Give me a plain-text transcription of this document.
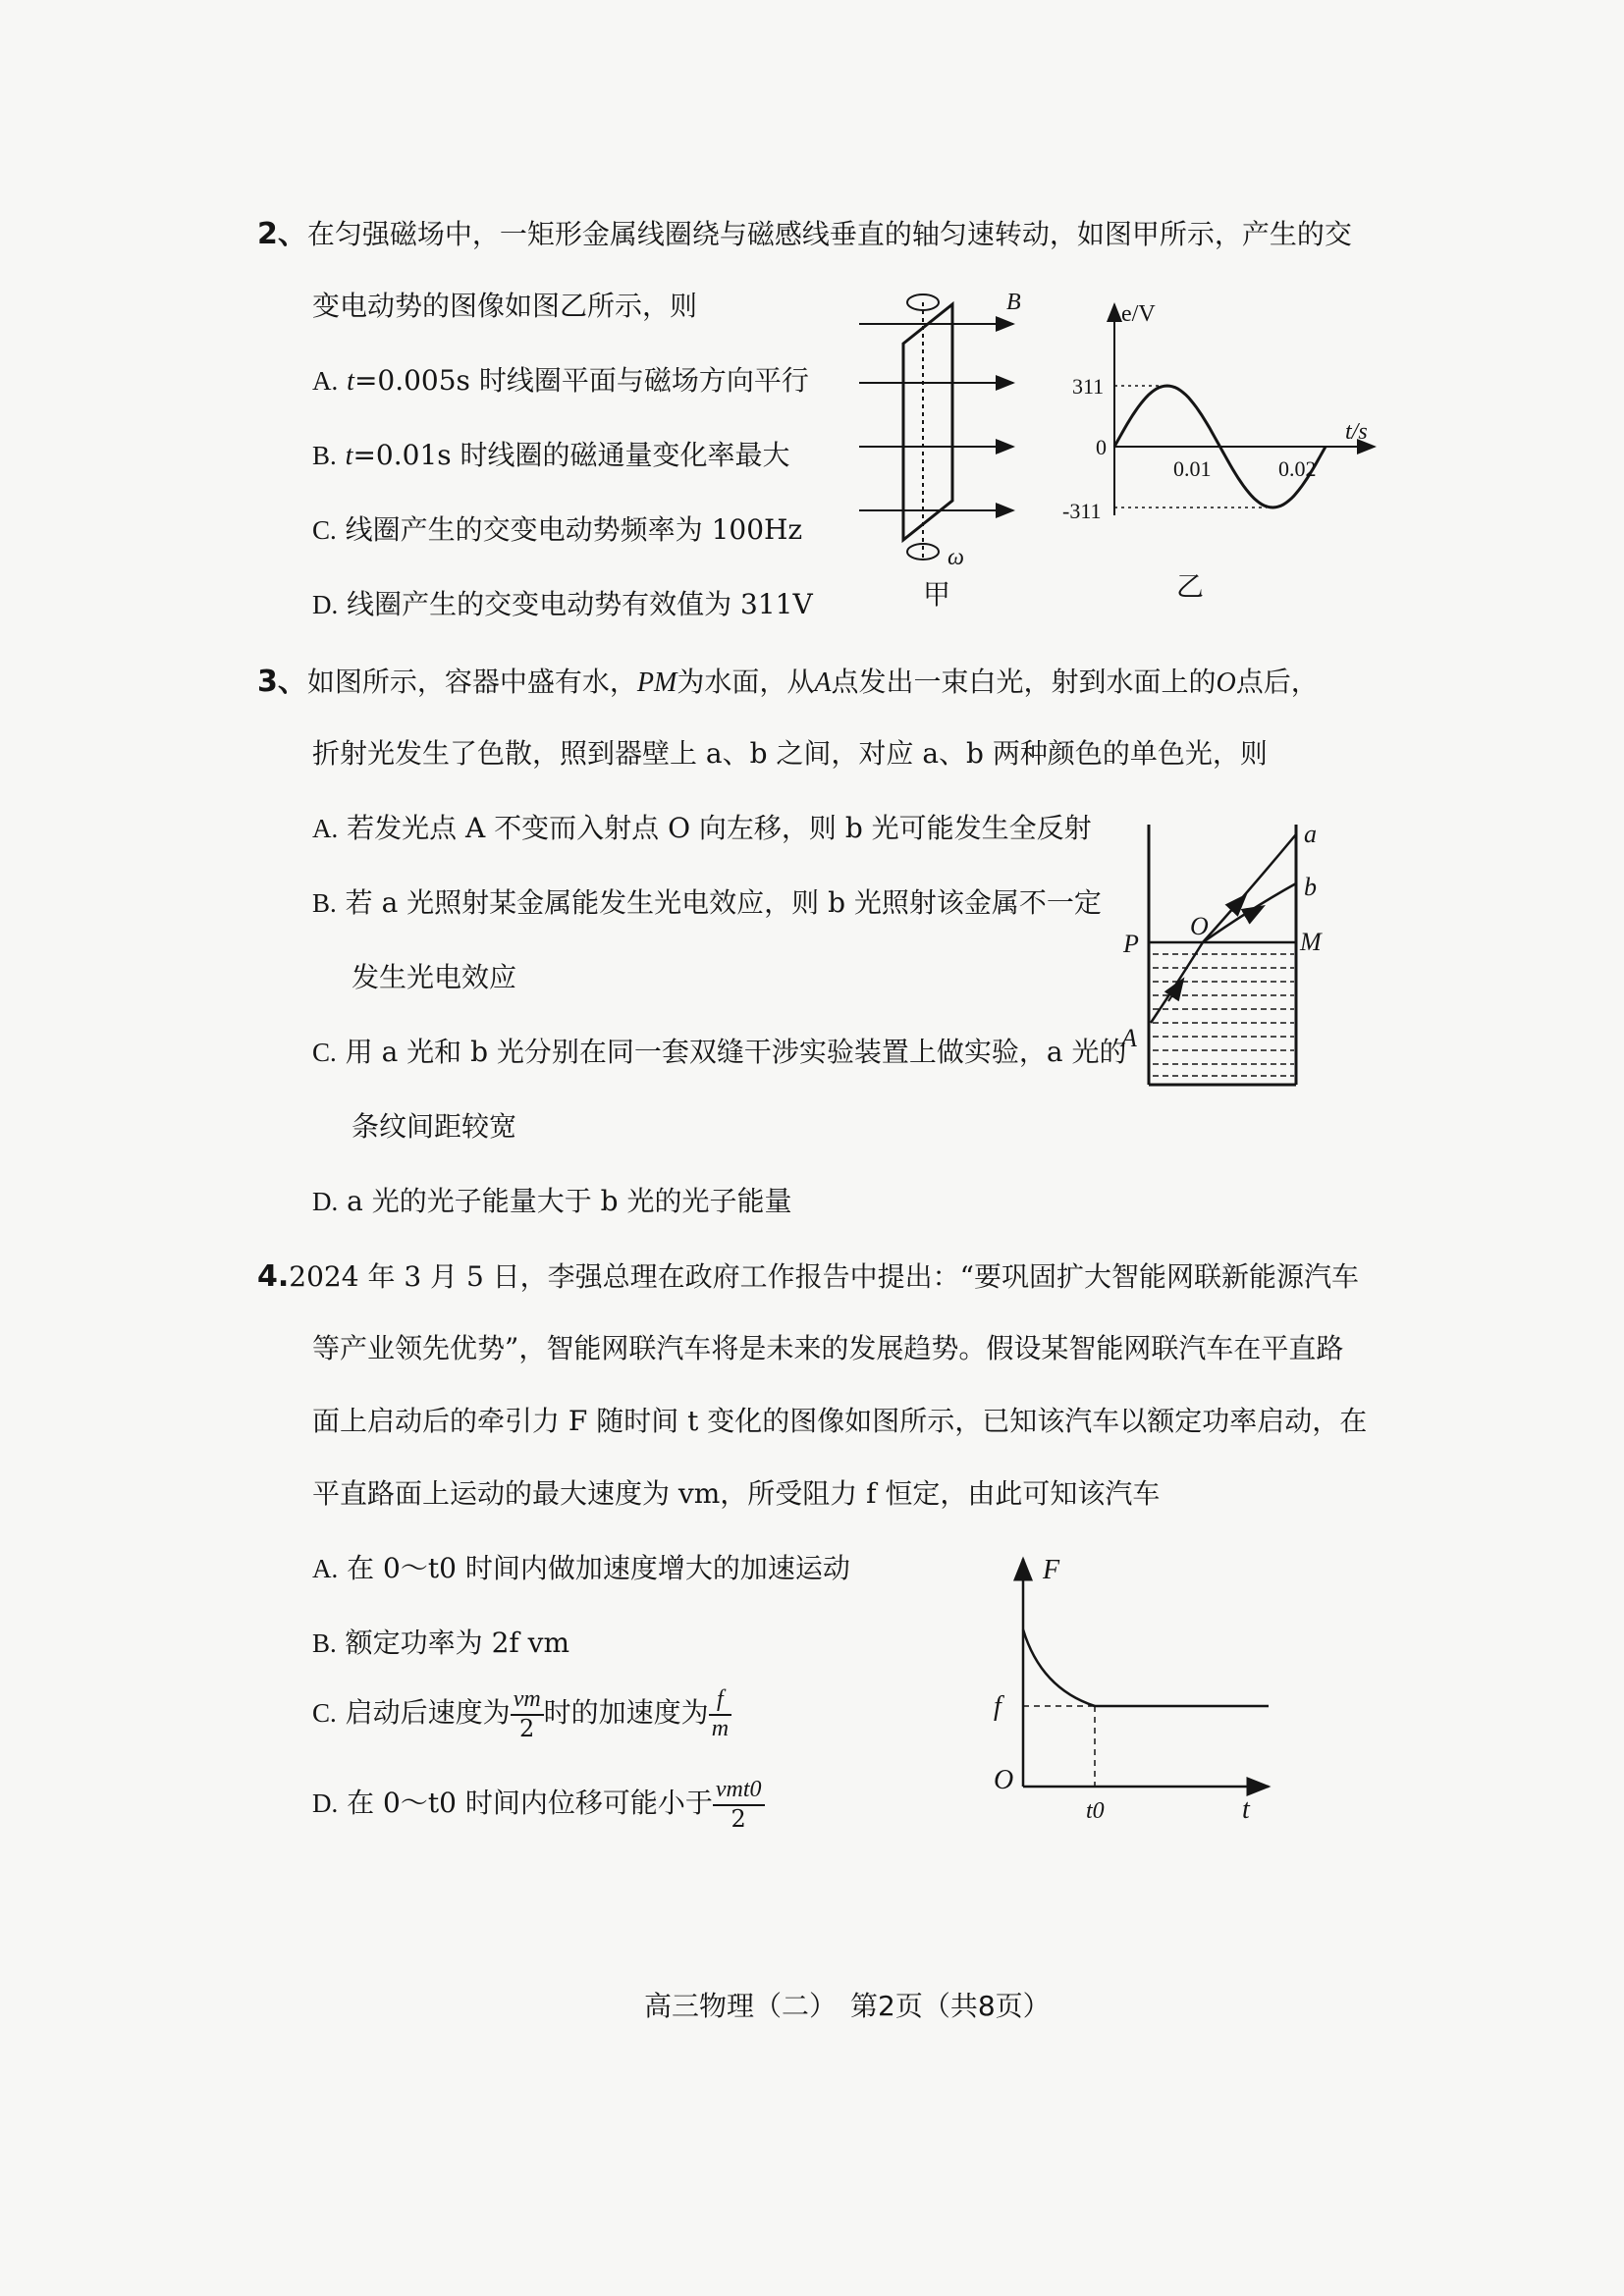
2、在匀强磁场中，一矩形金属线圈绕与磁感线垂直的轴匀速转动，如图甲所示，产生的交
变电动势的图像如图乙所示，则
A. t=0.005s 时线圈平面与磁场方向平行
B. t=0.01s 时线圈的磁通量变化率最大
C. 线圈产生的交变电动势频率为 100Hz
D. 线圈产生的交变电动势有效值为 311V
B
ω
甲
e/V
t/s
311
0
-311
0.01	0.02
乙
3、如图所示，容器中盛有水，PM为水面，从A点发出一束白光，射到水面上的O点后，
折射光发生了色散，照到器壁上 a、b 之间，对应 a、b 两种颜色的单色光，则
A. 若发光点 A 不变而入射点 O 向左移，则 b 光可能发生全反射
B. 若 a 光照射某金属能发生光电效应，则 b 光照射该金属不一定
发生光电效应
C. 用 a 光和 b 光分别在同一套双缝干涉实验装置上做实验，a 光的
条纹间距较宽
D. a 光的光子能量大于 b 光的光子能量
a
b
P
O
M
A
4.2024 年 3 月 5 日，李强总理在政府工作报告中提出：“要巩固扩大智能网联新能源汽车
等产业领先优势”，智能网联汽车将是未来的发展趋势。假设某智能网联汽车在平直路
面上启动后的牵引力 F 随时间 t 变化的图像如图所示，已知该汽车以额定功率启动，在
平直路面上运动的最大速度为 vm，所受阻力 f 恒定，由此可知该汽车
A. 在 0～t0 时间内做加速度增大的加速运动
B. 额定功率为 2f vm
C. 启动后速度为 $\frac{vm}{2}$ 时的加速度为 $\frac{f}{m}$
D. 在 0～t0 时间内位移可能小于 $\frac{\text{vmt0}}{2}$
F
f
O
t0	t
高三物理（二）　第2页（共8页）
